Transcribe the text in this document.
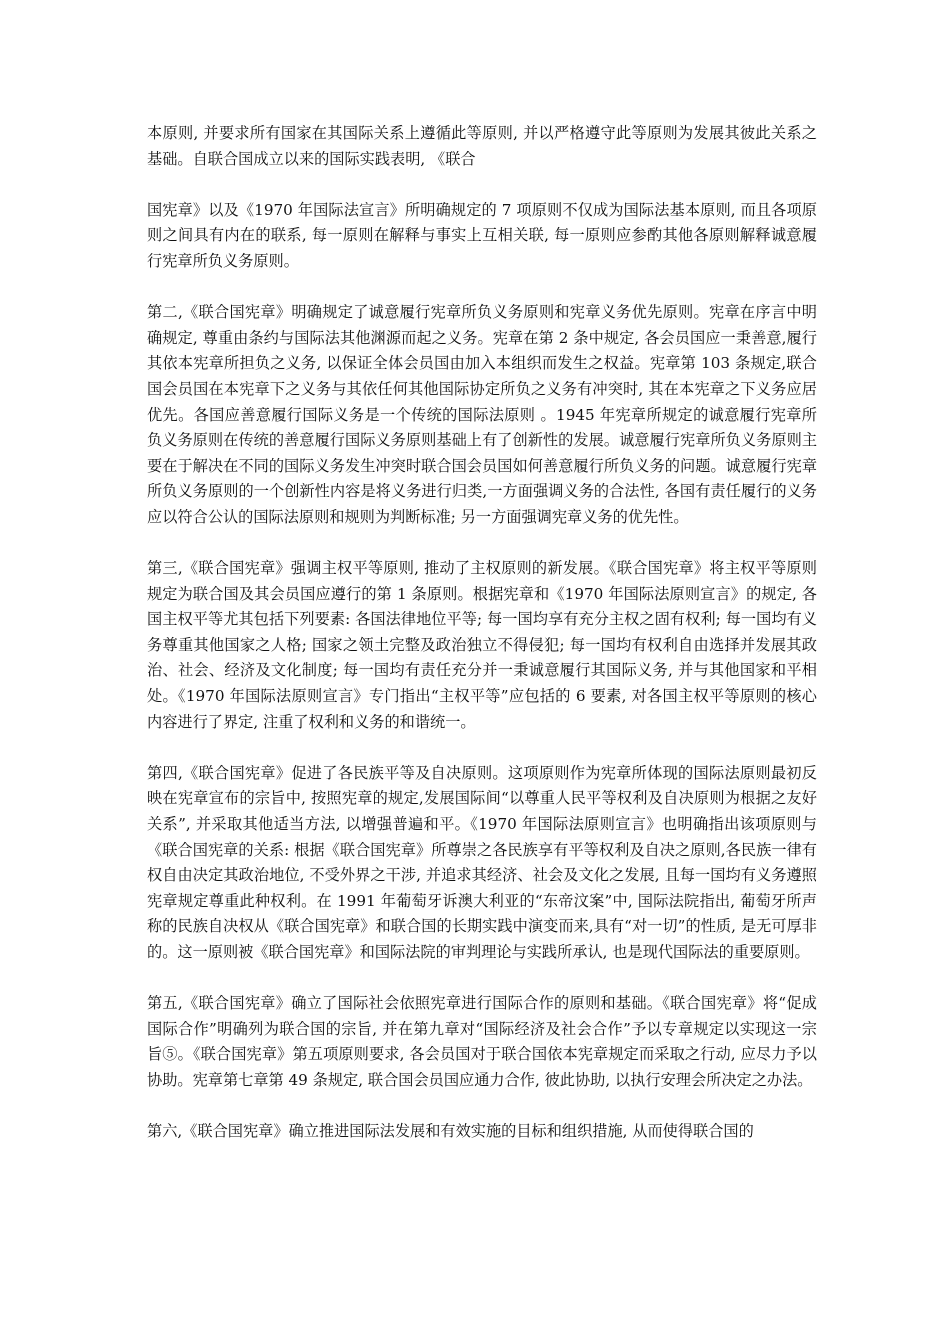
本原则, 并要求所有国家在其国际关系上遵循此等原则, 并以严格遵守此等原则为发展其彼此关系之基础。自联合国成立以来的国际实践表明, 《联合

国宪章》以及《1970 年国际法宣言》所明确规定的 7 项原则不仅成为国际法基本原则, 而且各项原则之间具有内在的联系, 每一原则在解释与事实上互相关联, 每一原则应参酌其他各原则解释诚意履行宪章所负义务原则。

第二,《联合国宪章》明确规定了诚意履行宪章所负义务原则和宪章义务优先原则。宪章在序言中明确规定, 尊重由条约与国际法其他渊源而起之义务。宪章在第 2 条中规定, 各会员国应一秉善意,履行其依本宪章所担负之义务, 以保证全体会员国由加入本组织而发生之权益。宪章第 103 条规定,联合国会员国在本宪章下之义务与其依任何其他国际协定所负之义务有冲突时, 其在本宪章之下义务应居优先。各国应善意履行国际义务是一个传统的国际法原则 。1945 年宪章所规定的诚意履行宪章所负义务原则在传统的善意履行国际义务原则基础上有了创新性的发展。诚意履行宪章所负义务原则主要在于解决在不同的国际义务发生冲突时联合国会员国如何善意履行所负义务的问题。诚意履行宪章所负义务原则的一个创新性内容是将义务进行归类,一方面强调义务的合法性, 各国有责任履行的义务应以符合公认的国际法原则和规则为判断标准; 另一方面强调宪章义务的优先性。

第三,《联合国宪章》强调主权平等原则, 推动了主权原则的新发展。《联合国宪章》将主权平等原则规定为联合国及其会员国应遵行的第 1 条原则。根据宪章和《1970 年国际法原则宣言》的规定, 各国主权平等尤其包括下列要素: 各国法律地位平等; 每一国均享有充分主权之固有权利; 每一国均有义务尊重其他国家之人格; 国家之领土完整及政治独立不得侵犯; 每一国均有权利自由选择并发展其政治、社会、经济及文化制度; 每一国均有责任充分并一秉诚意履行其国际义务, 并与其他国家和平相处。《1970 年国际法原则宣言》专门指出“主权平等”应包括的 6 要素, 对各国主权平等原则的核心内容进行了界定, 注重了权利和义务的和谐统一。

第四,《联合国宪章》促进了各民族平等及自决原则。这项原则作为宪章所体现的国际法原则最初反映在宪章宣布的宗旨中, 按照宪章的规定,发展国际间“以尊重人民平等权利及自决原则为根据之友好关系”, 并采取其他适当方法, 以增强普遍和平。《1970 年国际法原则宣言》也明确指出该项原则与《联合国宪章的关系: 根据《联合国宪章》所尊崇之各民族享有平等权利及自决之原则,各民族一律有权自由决定其政治地位, 不受外界之干涉, 并追求其经济、社会及文化之发展, 且每一国均有义务遵照宪章规定尊重此种权利。在 1991 年葡萄牙诉澳大利亚的“东帝汶案”中, 国际法院指出, 葡萄牙所声称的民族自决权从《联合国宪章》和联合国的长期实践中演变而来,具有“对一切”的性质, 是无可厚非的。这一原则被《联合国宪章》和国际法院的审判理论与实践所承认, 也是现代国际法的重要原则。

第五,《联合国宪章》确立了国际社会依照宪章进行国际合作的原则和基础。《联合国宪章》将“促成国际合作”明确列为联合国的宗旨, 并在第九章对“国际经济及社会合作”予以专章规定以实现这一宗旨⑤。《联合国宪章》第五项原则要求, 各会员国对于联合国依本宪章规定而采取之行动, 应尽力予以协助。宪章第七章第 49 条规定, 联合国会员国应通力合作, 彼此协助, 以执行安理会所决定之办法。

第六,《联合国宪章》确立推进国际法发展和有效实施的目标和组织措施, 从而使得联合国的
